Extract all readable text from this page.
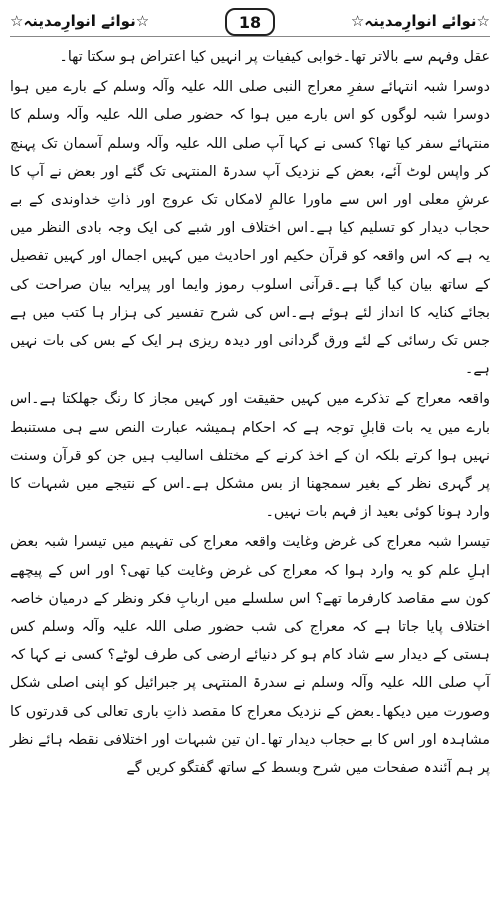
☆نوائے انوارِمدینہ☆	18	☆نوائے انوارِمدینہ☆

عقل وفہم سے بالاتر تھا۔خوابی کیفیات پر انہیں کیا اعتراض ہو سکتا تھا۔

دوسرا شبہ انتہائے سفرِ معراج النبی صلی اللہ علیہ وآلہ وسلم کے بارے میں ہوا دوسرا شبہ لوگوں کو اس بارے میں ہوا کہ حضور صلی اللہ علیہ وآلہ وسلم کا منتہائے سفر کیا تھا؟ کسی نے کہا آپ صلی اللہ علیہ وآلہ وسلم آسمان تک پہنچ کر واپس لوٹ آئے، بعض کے نزدیک آپ سدرۃ المنتہی تک گئے اور بعض نے آپ کا عرشِ معلی اور اس سے ماورا عالمِ لامکاں تک عروج اور ذاتِ خداوندی کے بے حجاب دیدار کو تسلیم کیا ہے۔اس اختلاف اور شبے کی ایک وجہ بادی النظر میں یہ ہے کہ اس واقعہ کو قرآن حکیم اور احادیث میں کہیں اجمال اور کہیں تفصیل کے ساتھ بیان کیا گیا ہے۔قرآنی اسلوب رموز وایما اور پیرایہ بیان صراحت کی بجائے کنایہ کا انداز لئے ہوئے ہے۔اس کی شرح تفسیر کی ہزار ہا کتب میں ہے جس تک رسائی کے لئے ورق گردانی اور دیدہ ریزی ہر ایک کے بس کی بات نہیں ہے۔

واقعہ معراج کے تذکرے میں کہیں حقیقت اور کہیں مجاز کا رنگ جھلکتا ہے۔اس بارے میں یہ بات قابلِ توجہ ہے کہ احکام ہمیشہ عبارت النص سے ہی مستنبط نہیں ہوا کرتے بلکہ ان کے اخذ کرنے کے مختلف اسالیب ہیں جن کو قرآن وسنت پر گہری نظر کے بغیر سمجھنا از بس مشکل ہے۔اس کے نتیجے میں شبہات کا وارد ہونا کوئی بعید از فہم بات نہیں۔

تیسرا شبہ معراج کی غرض وغایت واقعہ معراج کی تفہیم میں تیسرا شبہ بعض اہلِ علم کو یہ وارد ہوا کہ معراج کی غرض وغایت کیا تھی؟ اور اس کے پیچھے کون سے مقاصد کارفرما تھے؟ اس سلسلے میں اربابِ فکر ونظر کے درمیان خاصہ اختلاف پایا جاتا ہے کہ معراج کی شب حضور صلی اللہ علیہ وآلہ وسلم کس ہستی کے دیدار سے شاد کام ہو کر دنیائے ارضی کی طرف لوٹے؟ کسی نے کہا کہ آپ صلی اللہ علیہ وآلہ وسلم نے سدرۃ المنتہی پر جبرائیل کو اپنی اصلی شکل وصورت میں دیکھا۔بعض کے نزدیک معراج کا مقصد ذاتِ باری تعالی کی قدرتوں کا مشاہدہ اور اس کا بے حجاب دیدار تھا۔ان تین شبہات اور اختلافی نقطہ ہائے نظر پر ہم آئندہ صفحات میں شرح وبسط کے ساتھ گفتگو کریں گے
